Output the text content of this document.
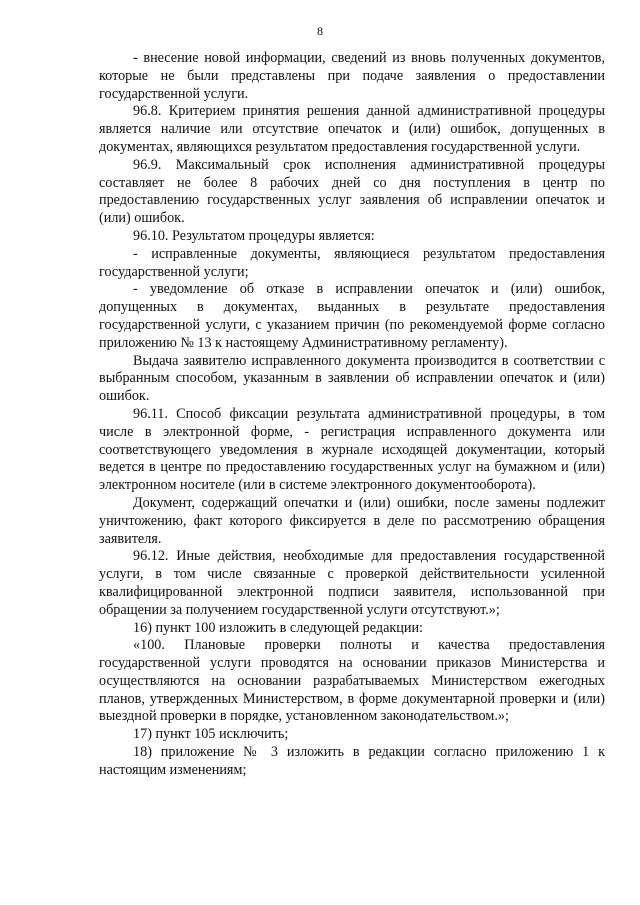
8

- внесение новой информации, сведений из вновь полученных документов, которые не были представлены при подаче заявления о предоставлении государственной услуги.

96.8. Критерием принятия решения данной административной процедуры является наличие или отсутствие опечаток и (или) ошибок, допущенных в документах, являющихся результатом предоставления государственной услуги.

96.9. Максимальный срок исполнения административной процедуры составляет не более 8 рабочих дней со дня поступления в центр по предоставлению государственных услуг заявления об исправлении опечаток и (или) ошибок.

96.10. Результатом процедуры является:

- исправленные документы, являющиеся результатом предоставления государственной услуги;

- уведомление об отказе в исправлении опечаток и (или) ошибок, допущенных в документах, выданных в результате предоставления государственной услуги, с указанием причин (по рекомендуемой форме согласно приложению № 13 к настоящему Административному регламенту).

Выдача заявителю исправленного документа производится в соответствии с выбранным способом, указанным в заявлении об исправлении опечаток и (или) ошибок.

96.11. Способ фиксации результата административной процедуры, в том числе в электронной форме, - регистрация исправленного документа или соответствующего уведомления в журнале исходящей документации, который ведется в центре по предоставлению государственных услуг на бумажном и (или) электронном носителе (или в системе электронного документооборота).

Документ, содержащий опечатки и (или) ошибки, после замены подлежит уничтожению, факт которого фиксируется в деле по рассмотрению обращения заявителя.

96.12. Иные действия, необходимые для предоставления государственной услуги, в том числе связанные с проверкой действительности усиленной квалифицированной электронной подписи заявителя, использованной при обращении за получением государственной услуги отсутствуют.»;

16) пункт 100 изложить в следующей редакции:

«100. Плановые проверки полноты и качества предоставления государственной услуги проводятся на основании приказов Министерства и осуществляются на основании разрабатываемых Министерством ежегодных планов, утвержденных Министерством, в форме документарной проверки и (или) выездной проверки в порядке, установленном законодательством.»;

17) пункт 105 исключить;

18) приложение № 3 изложить в редакции согласно приложению 1 к настоящим изменениям;
